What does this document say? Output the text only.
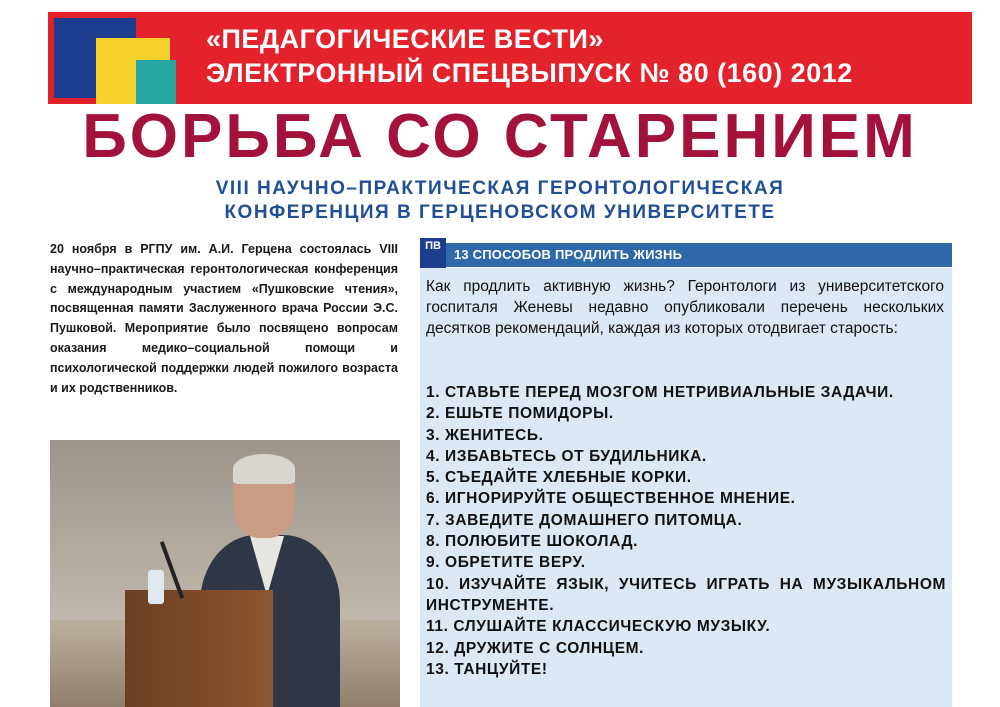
«ПЕДАГОГИЧЕСКИЕ ВЕСТИ»
ЭЛЕКТРОННЫЙ СПЕЦВЫПУСК № 80 (160) 2012
БОРЬБА СО СТАРЕНИЕМ
VIII НАУЧНО–ПРАКТИЧЕСКАЯ ГЕРОНТОЛОГИЧЕСКАЯ
КОНФЕРЕНЦИЯ В ГЕРЦЕНОВСКОМ УНИВЕРСИТЕТЕ
20 ноября в РГПУ им. А.И. Герцена состоялась VIII научно–практическая геронтологическая конференция с международным участием «Пушковские чтения», посвященная памяти Заслуженного врача России Э.С. Пушковой. Мероприятие было посвящено вопросам оказания медико–социальной помощи и психологической поддержки людей пожилого возраста и их родственников.
ПВ
13 СПОСОБОВ ПРОДЛИТЬ ЖИЗНЬ
Как продлить активную жизнь? Геронтологи из университетского госпиталя Женевы недавно опубликовали перечень нескольких десятков рекомендаций, каждая из которых отодвигает старость:
1. СТАВЬТЕ ПЕРЕД МОЗГОМ НЕТРИВИАЛЬНЫЕ ЗАДАЧИ.
2. ЕШЬТЕ ПОМИДОРЫ.
3. ЖЕНИТЕСЬ.
4. ИЗБАВЬТЕСЬ ОТ БУДИЛЬНИКА.
5. СЪЕДАЙТЕ ХЛЕБНЫЕ КОРКИ.
6. ИГНОРИРУЙТЕ ОБЩЕСТВЕННОЕ МНЕНИЕ.
7. ЗАВЕДИТЕ ДОМАШНЕГО ПИТОМЦА.
8. ПОЛЮБИТЕ ШОКОЛАД.
9. ОБРЕТИТЕ ВЕРУ.
10. ИЗУЧАЙТЕ ЯЗЫК, УЧИТЕСЬ ИГРАТЬ НА МУЗЫКАЛЬНОМ ИНСТРУМЕНТЕ.
11. СЛУШАЙТЕ КЛАССИЧЕСКУЮ МУЗЫКУ.
12. ДРУЖИТЕ С СОЛНЦЕМ.
13. ТАНЦУЙТЕ!
